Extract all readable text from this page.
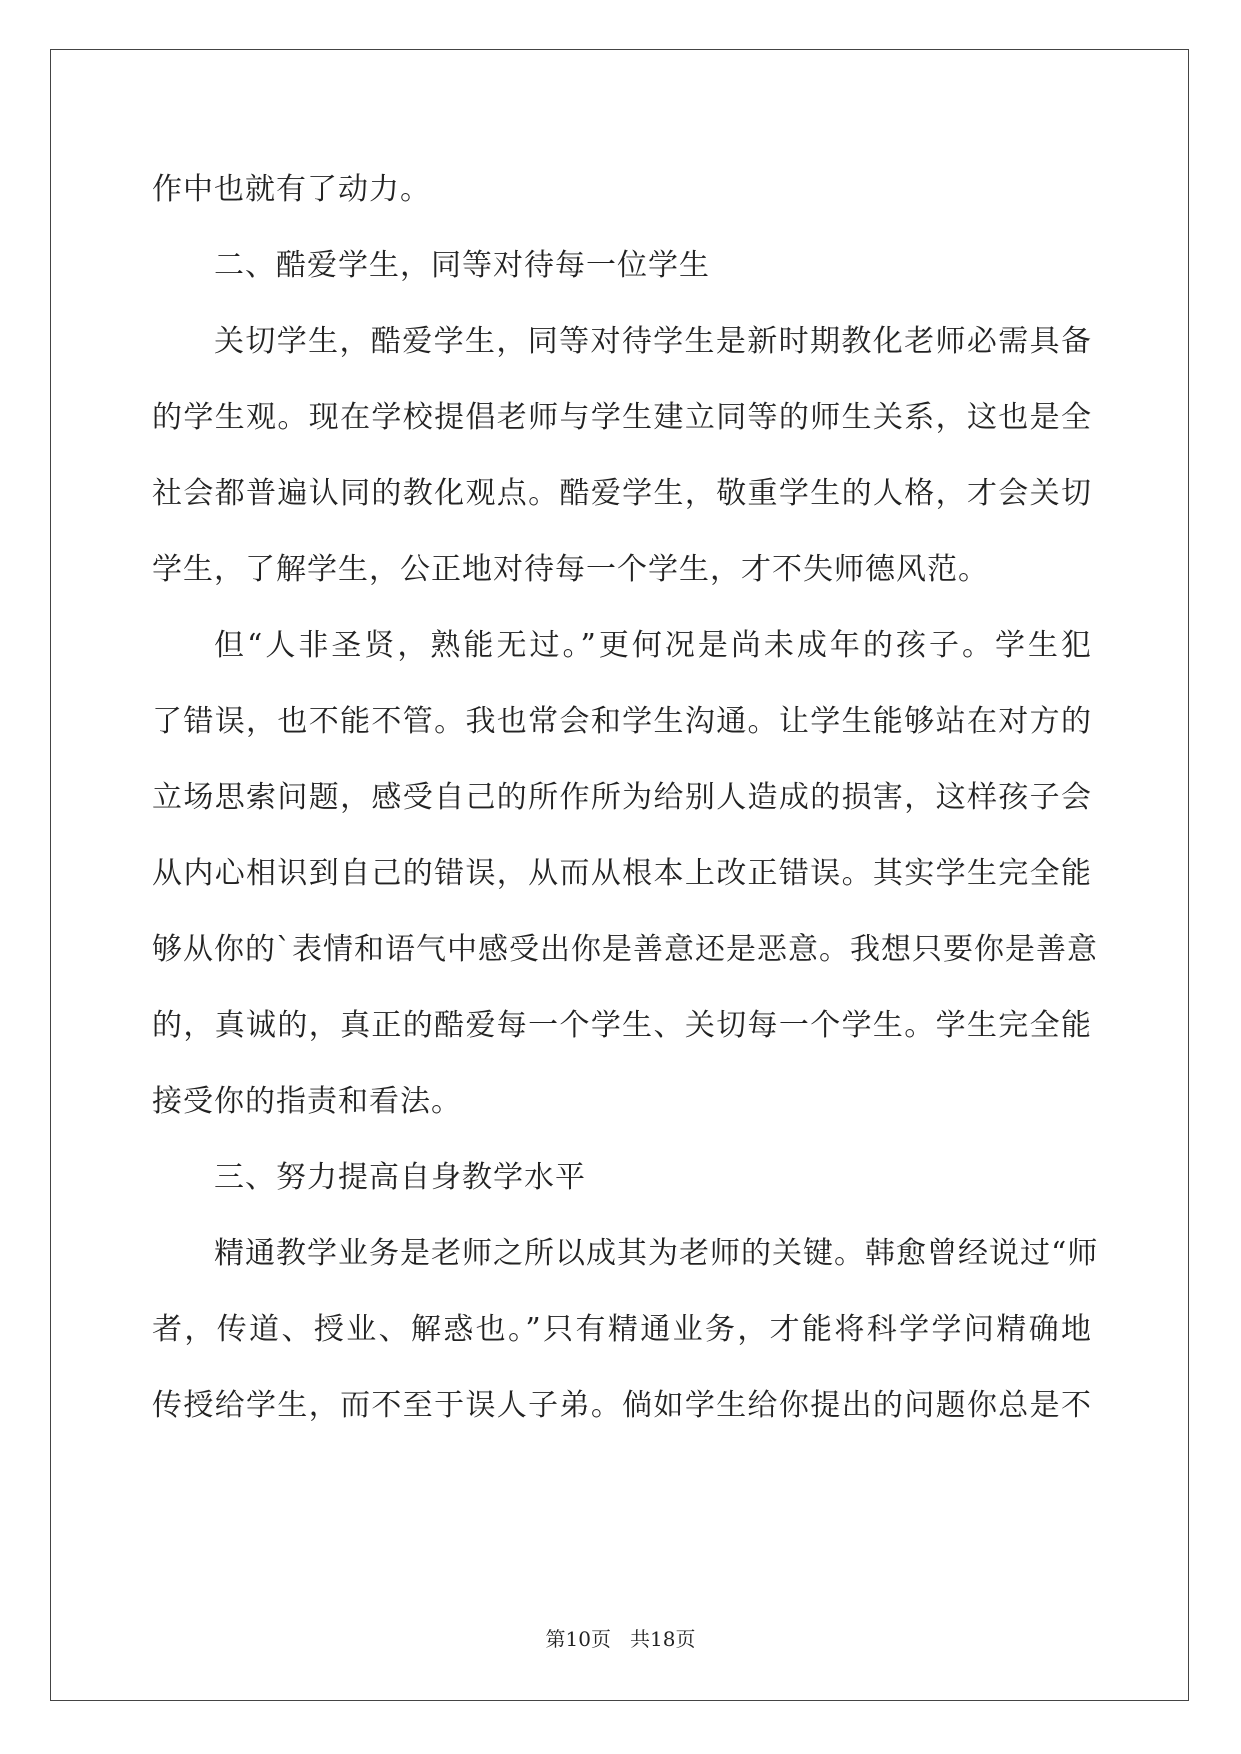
作中也就有了动力。
二、酷爱学生，同等对待每一位学生
关切学生，酷爱学生，同等对待学生是新时期教化老师必需具备
的学生观。现在学校提倡老师与学生建立同等的师生关系，这也是全
社会都普遍认同的教化观点。酷爱学生，敬重学生的人格，才会关切
学生，了解学生，公正地对待每一个学生，才不失师德风范。
但“人非圣贤，熟能无过。”更何况是尚未成年的孩子。学生犯
了错误，也不能不管。我也常会和学生沟通。让学生能够站在对方的
立场思索问题，感受自己的所作所为给别人造成的损害，这样孩子会
从内心相识到自己的错误，从而从根本上改正错误。其实学生完全能
够从你的`表情和语气中感受出你是善意还是恶意。我想只要你是善意
的，真诚的，真正的酷爱每一个学生、关切每一个学生。学生完全能
接受你的指责和看法。
三、努力提高自身教学水平
精通教学业务是老师之所以成其为老师的关键。韩愈曾经说过“师
者，传道、授业、解惑也。”只有精通业务，才能将科学学问精确地
传授给学生，而不至于误人子弟。倘如学生给你提出的问题你总是不
第10页   共18页
